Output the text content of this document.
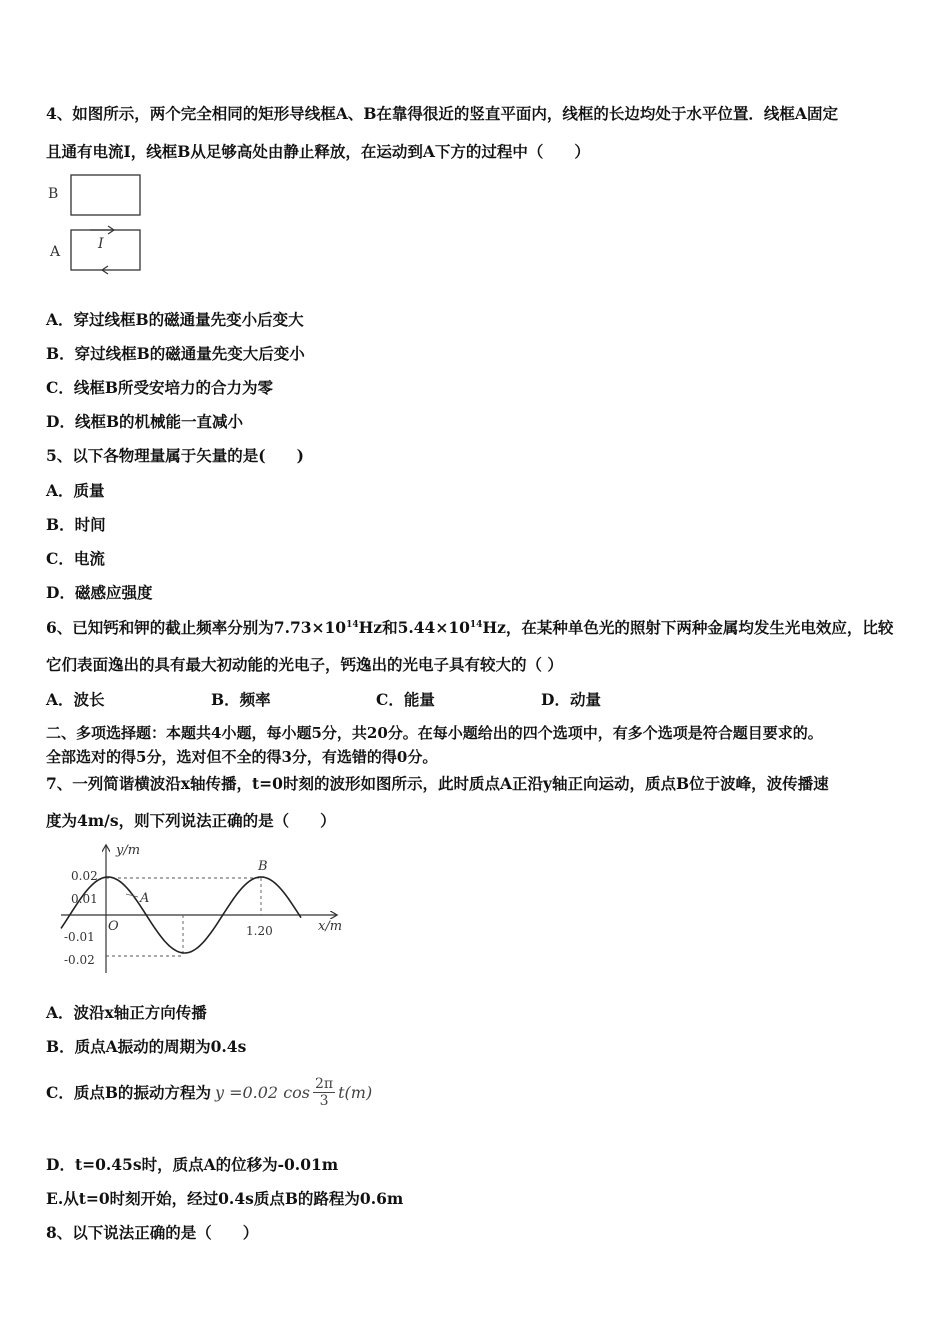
4、如图所示，两个完全相同的矩形导线框A、B在靠得很近的竖直平面内，线框的长边均处于水平位置．线框A固定
且通有电流I，线框B从足够高处由静止释放，在运动到A下方的过程中（　　）
B
A	I
A．穿过线框B的磁通量先变小后变大
B．穿过线框B的磁通量先变大后变小
C．线框B所受安培力的合力为零
D．线框B的机械能一直减小
5、以下各物理量属于矢量的是(　　)
A．质量
B．时间
C．电流
D．磁感应强度
6、已知钙和钾的截止频率分别为$7.73\times 10^{14}Hz$和$5.44\times 10^{14}Hz$，在某种单色光的照射下两种金属均发生光电效应，比较
它们表面逸出的具有最大初动能的光电子，钙逸出的光电子具有较大的（ ）
A．波长	B．频率	C．能量	D．动量
二、多项选择题：本题共4小题，每小题5分，共20分。在每小题给出的四个选项中，有多个选项是符合题目要求的。
全部选对的得5分，选对但不全的得3分，有选错的得0分。
7、一列简谐横波沿x轴传播，t=0时刻的波形如图所示，此时质点A正沿y轴正向运动，质点B位于波峰，波传播速
度为4m/s，则下列说法正确的是（　　）
y/m
x/m
O
0.02
0.01
-0.01
-0.02
1.20
A
B
A．波沿x轴正方向传播
B．质点A振动的周期为0.4s
C．质点B的振动方程为 y =0.02 $\cos \frac{2\pi}{3} t(m)$
D．t=0.45s时，质点A的位移为-0.01m
E.从t=0时刻开始，经过0.4s质点B的路程为0.6m
8、以下说法正确的是（　　）
